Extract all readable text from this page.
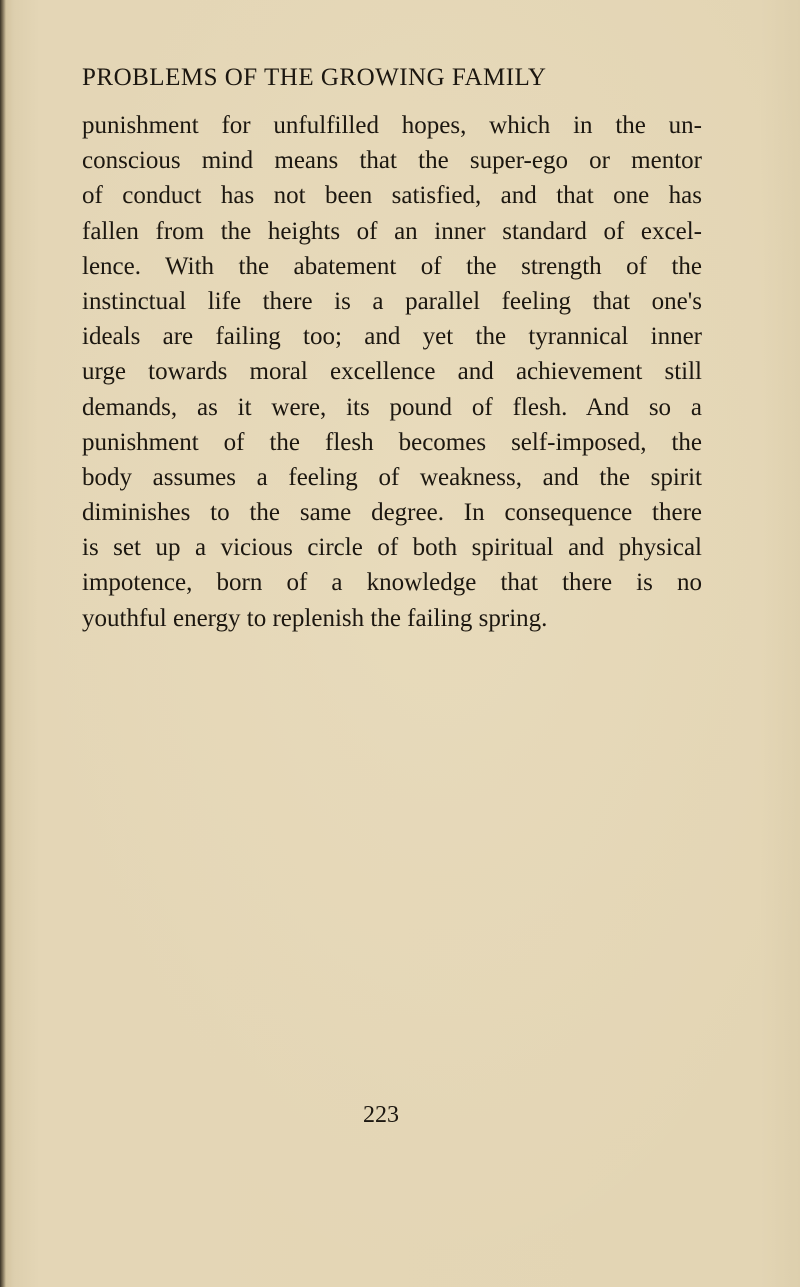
PROBLEMS OF THE GROWING FAMILY
punishment for unfulfilled hopes, which in the un-
conscious mind means that the super-ego or mentor
of conduct has not been satisfied, and that one has
fallen from the heights of an inner standard of excel-
lence. With the abatement of the strength of the
instinctual life there is a parallel feeling that one's
ideals are failing too; and yet the tyrannical inner
urge towards moral excellence and achievement still
demands, as it were, its pound of flesh. And so a
punishment of the flesh becomes self-imposed, the
body assumes a feeling of weakness, and the spirit
diminishes to the same degree. In consequence there
is set up a vicious circle of both spiritual and physical
impotence, born of a knowledge that there is no
youthful energy to replenish the failing spring.
223
